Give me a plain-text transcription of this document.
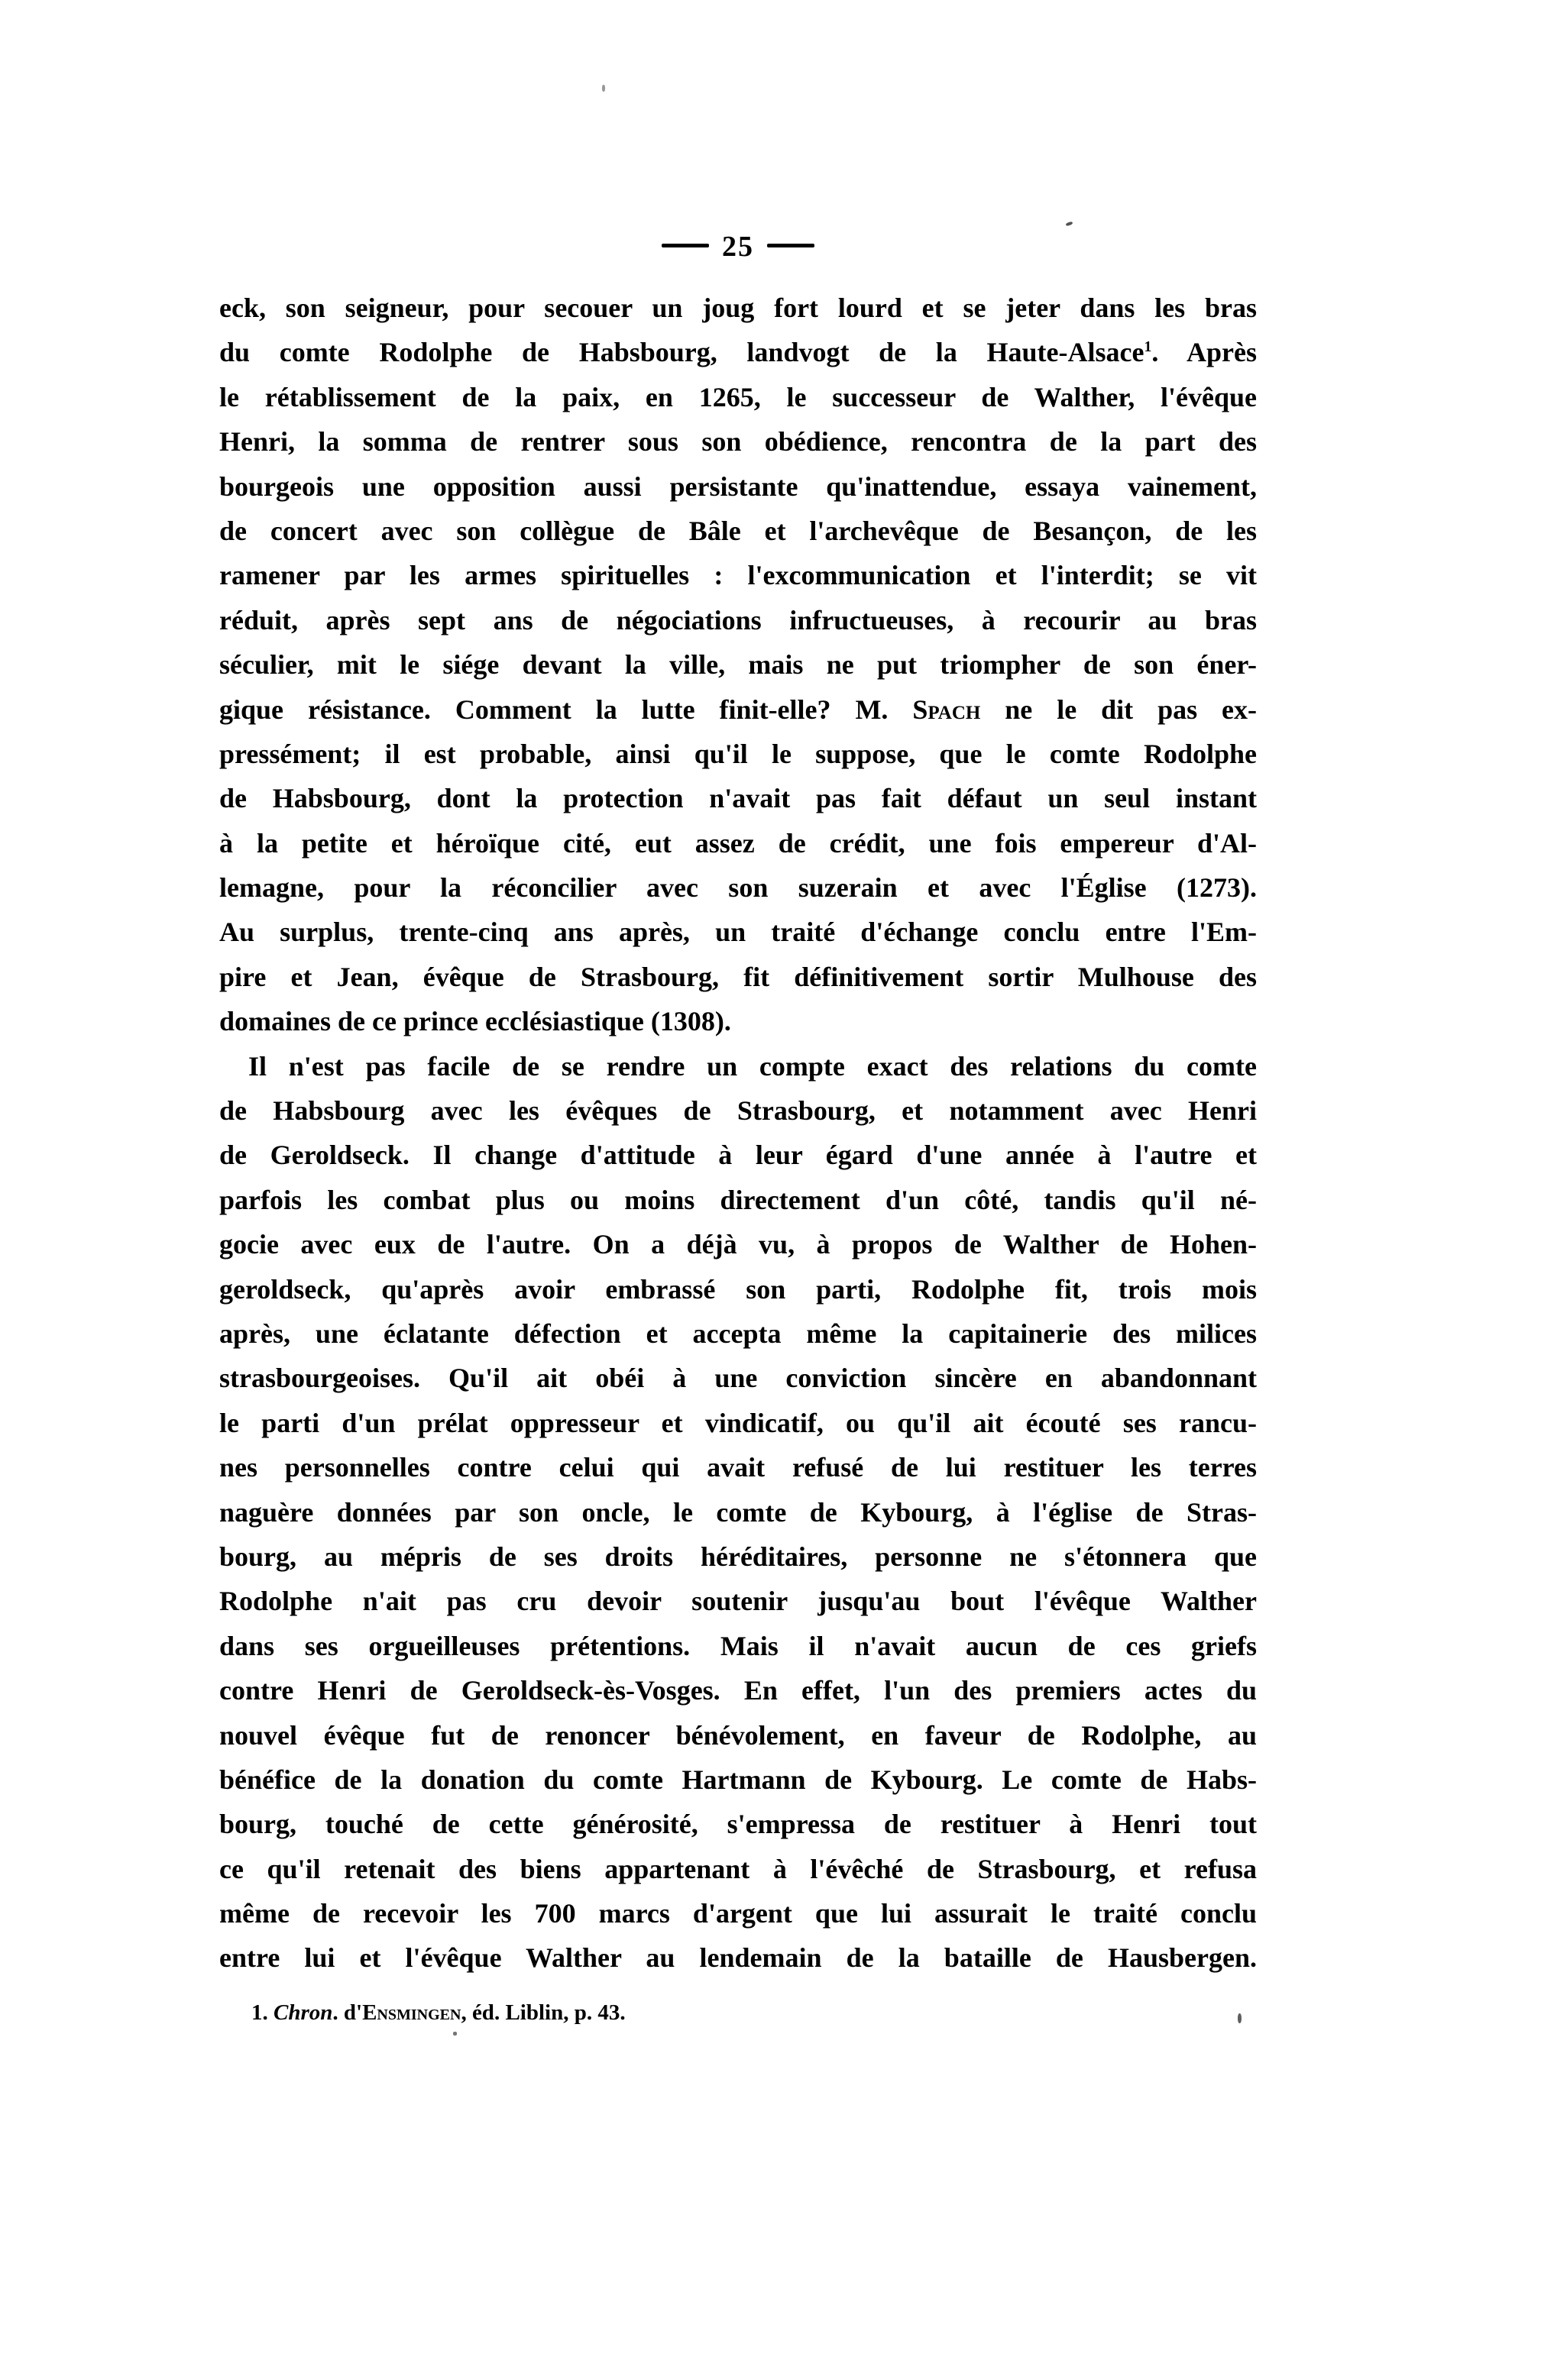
25
eck, son seigneur, pour secouer un joug fort lourd et se jeter dans les bras
du comte Rodolphe de Habsbourg, landvogt de la Haute-Alsace$^1$. Après
le rétablissement de la paix, en 1265, le successeur de Walther, l'évêque
Henri, la somma de rentrer sous son obédience, rencontra de la part des
bourgeois une opposition aussi persistante qu'inattendue, essaya vainement,
de concert avec son collègue de Bâle et l'archevêque de Besançon, de les
ramener par les armes spirituelles : l'excommunication et l'interdit; se vit
réduit, après sept ans de négociations infructueuses, à recourir au bras
séculier, mit le siége devant la ville, mais ne put triompher de son éner-
gique résistance. Comment la lutte finit-elle? M. Spach ne le dit pas ex-
pressément; il est probable, ainsi qu'il le suppose, que le comte Rodolphe
de Habsbourg, dont la protection n'avait pas fait défaut un seul instant
à la petite et héroïque cité, eut assez de crédit, une fois empereur d'Al-
lemagne, pour la réconcilier avec son suzerain et avec l'Église (1273).
Au surplus, trente-cinq ans après, un traité d'échange conclu entre l'Em-
pire et Jean, évêque de Strasbourg, fit définitivement sortir Mulhouse des
domaines de ce prince ecclésiastique (1308).
Il n'est pas facile de se rendre un compte exact des relations du comte
de Habsbourg avec les évêques de Strasbourg, et notamment avec Henri
de Geroldseck. Il change d'attitude à leur égard d'une année à l'autre et
parfois les combat plus ou moins directement d'un côté, tandis qu'il né-
gocie avec eux de l'autre. On a déjà vu, à propos de Walther de Hohen-
geroldseck, qu'après avoir embrassé son parti, Rodolphe fit, trois mois
après, une éclatante défection et accepta même la capitainerie des milices
strasbourgeoises. Qu'il ait obéi à une conviction sincère en abandonnant
le parti d'un prélat oppresseur et vindicatif, ou qu'il ait écouté ses rancu-
nes personnelles contre celui qui avait refusé de lui restituer les terres
naguère données par son oncle, le comte de Kybourg, à l'église de Stras-
bourg, au mépris de ses droits héréditaires, personne ne s'étonnera que
Rodolphe n'ait pas cru devoir soutenir jusqu'au bout l'évêque Walther
dans ses orgueilleuses prétentions. Mais il n'avait aucun de ces griefs
contre Henri de Geroldseck-ès-Vosges. En effet, l'un des premiers actes du
nouvel évêque fut de renoncer bénévolement, en faveur de Rodolphe, au
bénéfice de la donation du comte Hartmann de Kybourg. Le comte de Habs-
bourg, touché de cette générosité, s'empressa de restituer à Henri tout
ce qu'il retenait des biens appartenant à l'évêché de Strasbourg, et refusa
même de recevoir les 700 marcs d'argent que lui assurait le traité conclu
entre lui et l'évêque Walther au lendemain de la bataille de Hausbergen.
1. Chron. d'Ensmingen, éd. Liblin, p. 43.
